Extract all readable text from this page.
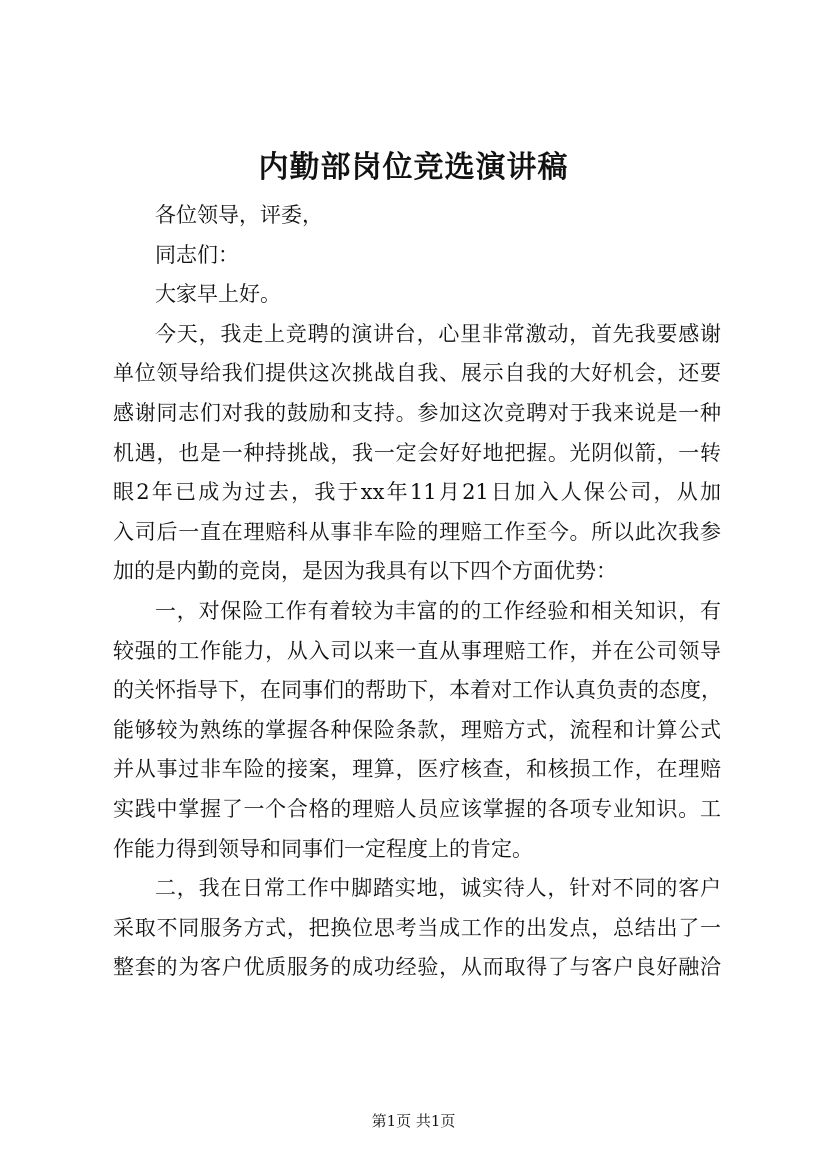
内勤部岗位竞选演讲稿
各位领导，评委，
同志们：
大家早上好。
今天，我走上竞聘的演讲台，心里非常激动，首先我要感谢
单位领导给我们提供这次挑战自我、展示自我的大好机会，还要
感谢同志们对我的鼓励和支持。参加这次竞聘对于我来说是一种
机遇，也是一种持挑战，我一定会好好地把握。光阴似箭，一转
眼2年已成为过去，我于xx年11月21日加入人保公司，从加
入司后一直在理赔科从事非车险的理赔工作至今。所以此次我参
加的是内勤的竞岗，是因为我具有以下四个方面优势：
一，对保险工作有着较为丰富的的工作经验和相关知识，有
较强的工作能力，从入司以来一直从事理赔工作，并在公司领导
的关怀指导下，在同事们的帮助下，本着对工作认真负责的态度，
能够较为熟练的掌握各种保险条款，理赔方式，流程和计算公式
并从事过非车险的接案，理算，医疗核查，和核损工作，在理赔
实践中掌握了一个合格的理赔人员应该掌握的各项专业知识。工
作能力得到领导和同事们一定程度上的肯定。
二，我在日常工作中脚踏实地，诚实待人，针对不同的客户
采取不同服务方式，把换位思考当成工作的出发点，总结出了一
整套的为客户优质服务的成功经验，从而取得了与客户良好融洽
第1页 共1页
